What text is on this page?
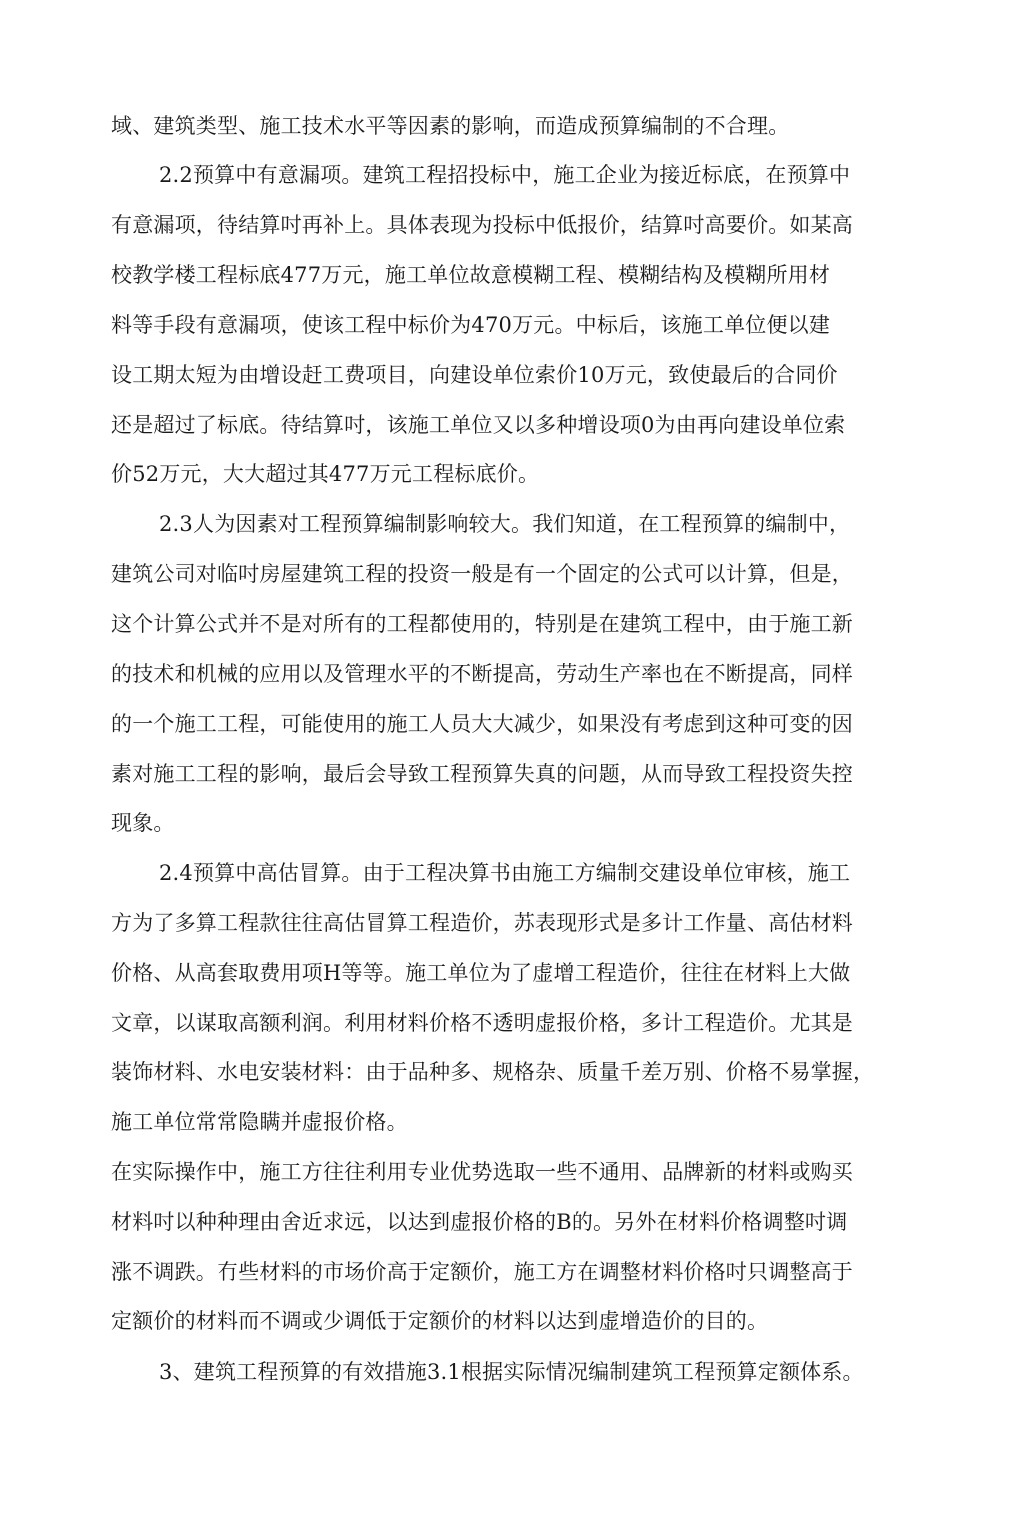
域、建筑类型、施工技术水平等因素的影响，而造成预算编制的不合理。
2.2预算中有意漏项。建筑工程招投标中，施工企业为接近标底，在预算中
有意漏项，待结算吋再补上。具体表现为投标中低报价，结算吋高要价。如某高
校教学楼工程标底477万元，施工单位故意模糊工程、模糊结构及模糊所用材
料等手段有意漏项，使该工程中标价为470万元。中标后，该施工单位便以建
设工期太短为由增设赶工费项目，向建设单位索价10万元，致使最后的合同价
还是超过了标底。待结算吋，该施工单位又以多种增设项0为由再向建设单位索
价52万元，大大超过其477万元工程标底价。
2.3人为因素对工程预算编制影响较大。我们知道，在工程预算的编制中，
建筑公司对临吋房屋建筑工程的投资一般是有一个固定的公式可以计算，但是，
这个计算公式并不是对所有的工程都使用的，特别是在建筑工程中，由于施工新
的技术和机械的应用以及管理水平的不断提高，劳动生产率也在不断提高，同样
的一个施工工程，可能使用的施工人员大大减少，如果没有考虑到这种可变的因
素对施工工程的影响，最后会导致工程预算失真的问题，从而导致工程投资失控
现象。
2.4预算中高估冒算。由于工程决算书由施工方编制交建设单位审核，施工
方为了多算工程款往往高估冒算工程造价，苏表现形式是多计工作量、高估材料
价格、从高套取费用项H等等。施工单位为了虚增工程造价，往往在材料上大做
文章，以谋取高额利润。利用材料价格不透明虚报价格，多计工程造价。尤其是
装饰材料、水电安装材料：由于品种多、规格杂、质量千差万别、价格不易掌握，
施工单位常常隐瞒并虚报价格。
在实际操作中，施工方往往利用专业优势选取一些不通用、品牌新的材料或购买
材料吋以种种理由舍近求远，以达到虚报价格的B的。另外在材料价格调整吋调
涨不调跌。冇些材料的市场价高于定额价，施工方在调整材料价格吋只调整高于
定额价的材料而不调或少调低于定额价的材料以达到虚增造价的目的。
3、建筑工程预算的有效措施3.1根据实际情况编制建筑工程预算定额体系。
